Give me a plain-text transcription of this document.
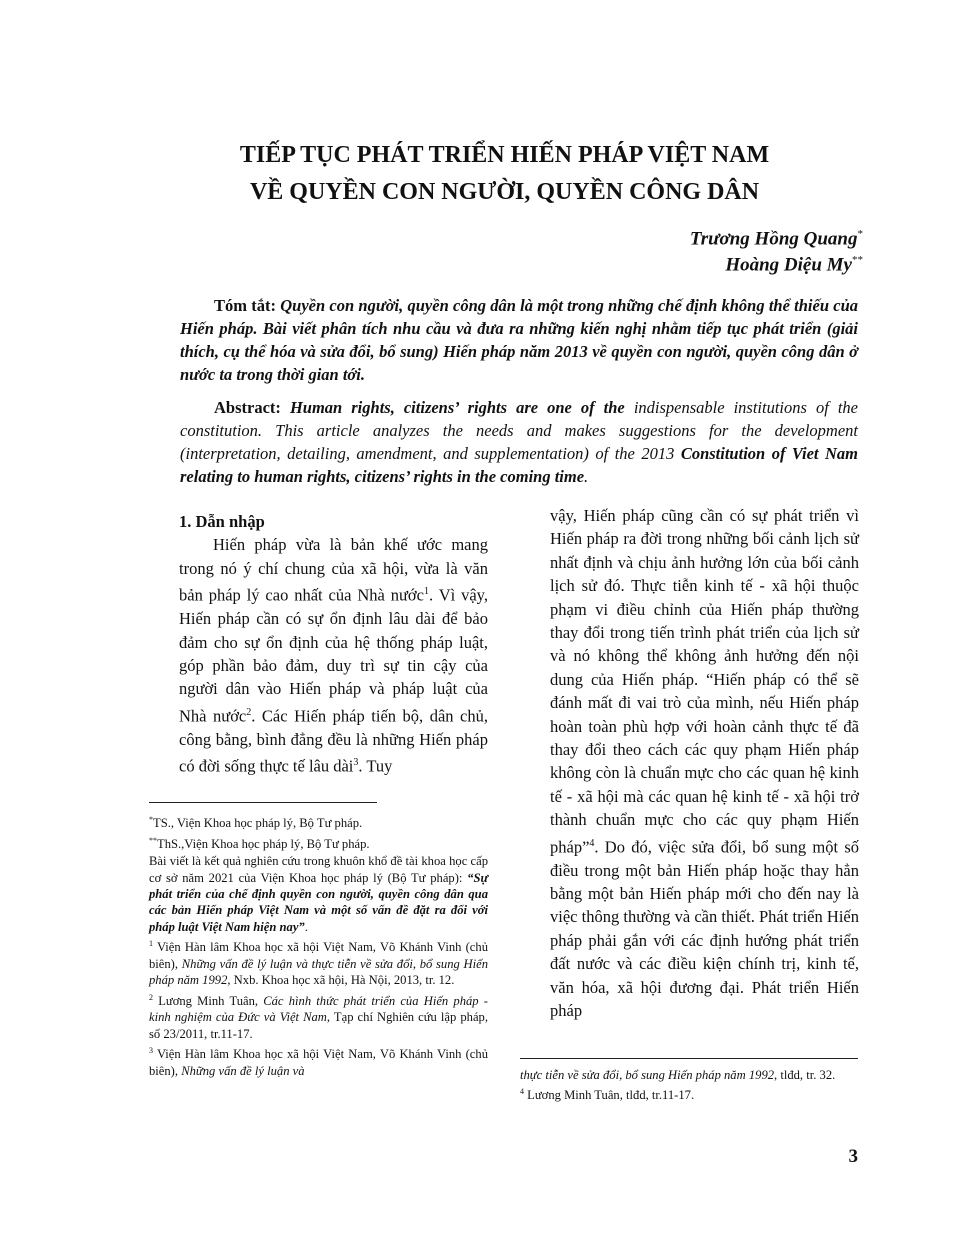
TIẾP TỤC PHÁT TRIỂN HIẾN PHÁP VIỆT NAM
VỀ QUYỀN CON NGƯỜI, QUYỀN CÔNG DÂN
Trương Hồng Quang*
Hoàng Diệu My**
Tóm tắt: Quyền con người, quyền công dân là một trong những chế định không thể thiếu của Hiến pháp. Bài viết phân tích nhu cầu và đưa ra những kiến nghị nhằm tiếp tục phát triển (giải thích, cụ thể hóa và sửa đổi, bổ sung) Hiến pháp năm 2013 về quyền con người, quyền công dân ở nước ta trong thời gian tới.
Abstract: Human rights, citizens’ rights are one of the indispensable institutions of the constitution. This article analyzes the needs and makes suggestions for the development (interpretation, detailing, amendment, and supplementation) of the 2013 Constitution of Viet Nam relating to human rights, citizens’ rights in the coming time.

1. Dẫn nhập

Hiến pháp vừa là bản khế ước mang trong nó ý chí chung của xã hội, vừa là văn bản pháp lý cao nhất của Nhà nước$^1$. Vì vậy, Hiến pháp cần có sự ổn định lâu dài để bảo đảm cho sự ổn định của hệ thống pháp luật, góp phần bảo đảm, duy trì sự tin cậy của người dân vào Hiến pháp và pháp luật của Nhà nước$^2$. Các Hiến pháp tiến bộ, dân chủ, công bằng, bình đẳng đều là những Hiến pháp có đời sống thực tế lâu dài$^3$. Tuy

vậy, Hiến pháp cũng cần có sự phát triển vì Hiến pháp ra đời trong những bối cảnh lịch sử nhất định và chịu ảnh hưởng lớn của bối cảnh lịch sử đó. Thực tiễn kinh tế - xã hội thuộc phạm vi điều chỉnh của Hiến pháp thường thay đổi trong tiến trình phát triển của lịch sử và nó không thể không ảnh hưởng đến nội dung của Hiến pháp. “Hiến pháp có thể sẽ đánh mất đi vai trò của mình, nếu Hiến pháp hoàn toàn phù hợp với hoàn cảnh thực tế đã thay đổi theo cách các quy phạm Hiến pháp không còn là chuẩn mực cho các quan hệ kinh tế - xã hội mà các quan hệ kinh tế - xã hội trở thành chuẩn mực cho các quy phạm Hiến pháp”$^4$. Do đó, việc sửa đổi, bổ sung một số điều trong một bản Hiến pháp hoặc thay hẳn bằng một bản Hiến pháp mới cho đến nay là việc thông thường và cần thiết. Phát triển Hiến pháp phải gắn với các định hướng phát triển đất nước và các điều kiện chính trị, kinh tế, văn hóa, xã hội đương đại. Phát triển Hiến pháp

*TS., Viện Khoa học pháp lý, Bộ Tư pháp.

**ThS.,Viện Khoa học pháp lý, Bộ Tư pháp.

Bài viết là kết quả nghiên cứu trong khuôn khổ đề tài khoa học cấp cơ sở năm 2021 của Viện Khoa học pháp lý (Bộ Tư pháp): “Sự phát triển của chế định quyền con người, quyền công dân qua các bản Hiến pháp Việt Nam và một số vấn đề đặt ra đối với pháp luật Việt Nam hiện nay”.

$^1$ Viện Hàn lâm Khoa học xã hội Việt Nam, Võ Khánh Vinh (chủ biên), Những vấn đề lý luận và thực tiễn về sửa đổi, bổ sung Hiến pháp năm 1992, Nxb. Khoa học xã hội, Hà Nội, 2013, tr. 12.

$^2$ Lương Minh Tuân, Các hình thức phát triển của Hiến pháp - kinh nghiệm của Đức và Việt Nam, Tạp chí Nghiên cứu lập pháp, số 23/2011, tr.11-17.

$^3$ Viện Hàn lâm Khoa học xã hội Việt Nam, Võ Khánh Vinh (chủ biên), Những vấn đề lý luận và	thực tiễn về sửa đổi, bổ sung Hiến pháp năm 1992, tlđd, tr. 32.

$^4$ Lương Minh Tuân, tlđd, tr.11-17.

3
